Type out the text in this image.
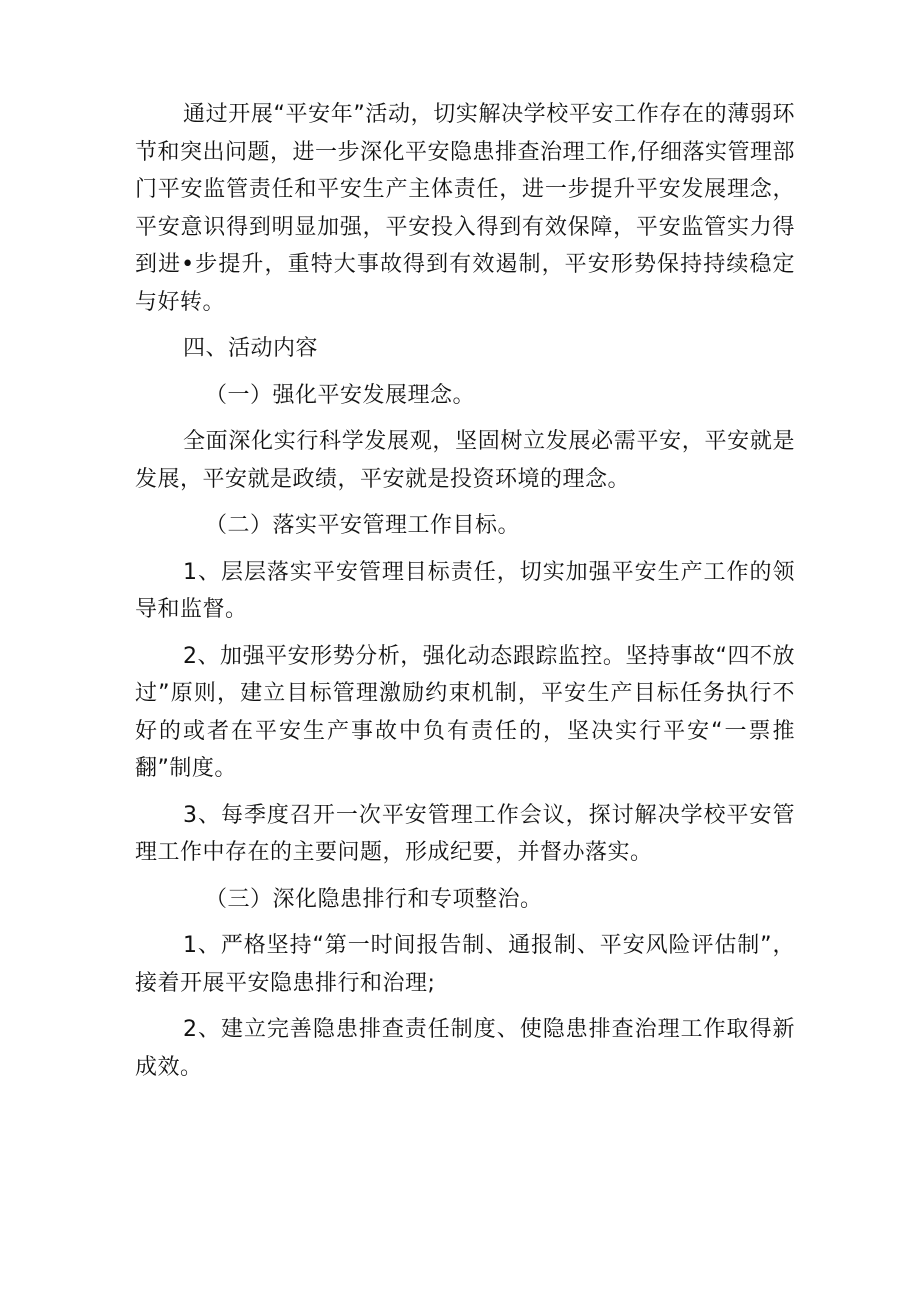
通过开展“平安年”活动，切实解决学校平安工作存在的薄弱环节和突出问题，进一步深化平安隐患排查治理工作,仔细落实管理部门平安监管责任和平安生产主体责任，进一步提升平安发展理念，平安意识得到明显加强，平安投入得到有效保障，平安监管实力得到进•步提升，重特大事故得到有效遏制，平安形势保持持续稳定与好转。

四、活动内容

（一）强化平安发展理念。

全面深化实行科学发展观，坚固树立发展必需平安，平安就是发展，平安就是政绩，平安就是投资环境的理念。

（二）落实平安管理工作目标。

1、层层落实平安管理目标责任，切实加强平安生产工作的领导和监督。

2、加强平安形势分析，强化动态跟踪监控。坚持事故“四不放过”原则，建立目标管理激励约束机制，平安生产目标任务执行不好的或者在平安生产事故中负有责任的，坚决实行平安“一票推翻”制度。

3、每季度召开一次平安管理工作会议，探讨解决学校平安管理工作中存在的主要问题，形成纪要，并督办落实。

（三）深化隐患排行和专项整治。

1、严格坚持“第一时间报告制、通报制、平安风险评估制”，接着开展平安隐患排行和治理;

2、建立完善隐患排查责任制度、使隐患排查治理工作取得新成效。
